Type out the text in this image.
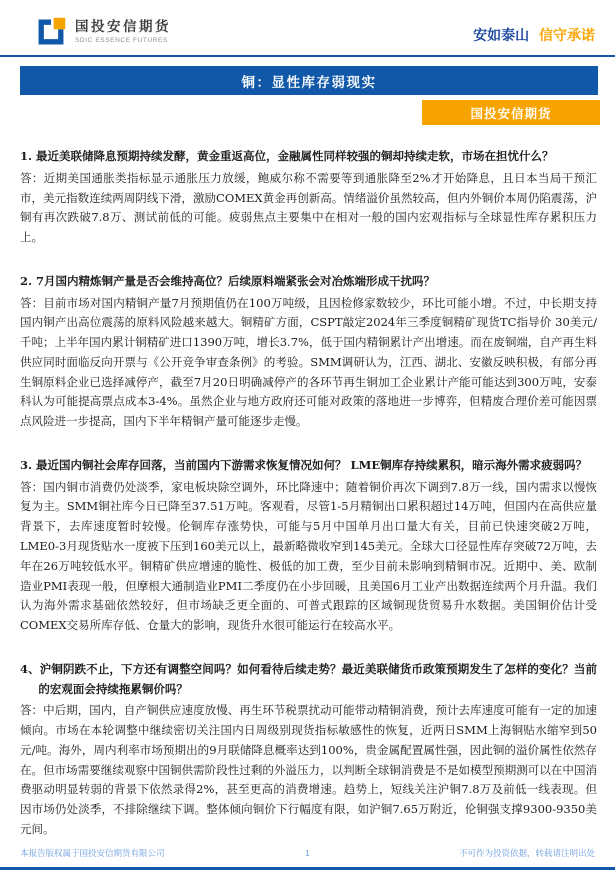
国投安信期货
SDIC ESSENCE FUTURES	安如泰山 信守承诺
铜：显性库存弱现实
国投安信期货

1. 最近美联储降息预期持续发酵，黄金重返高位，金融属性同样较强的铜却持续走软，市场在担忧什么？

答：近期美国通胀类指标显示通胀压力放缓，鲍威尔称不需要等到通胀降至2%才开始降息，且日本当局干预汇市，美元指数连续两周阴线下滑，激励COMEX黄金再创新高。情绪溢价虽然较高，但内外铜价本周仍陷震荡，沪铜有再次跌破7.8万、测试前低的可能。疲弱焦点主要集中在相对一般的国内宏观指标与全球显性库存累积压力上。

2. 7月国内精炼铜产量是否会维持高位？后续原料端紧张会对冶炼端形成干扰吗？

答：目前市场对国内精铜产量7月预期值仍在100万吨级，且因检修家数较少，环比可能小增。不过，中长期支持国内铜产出高位震荡的原料风险越来越大。铜精矿方面，CSPT敲定2024年三季度铜精矿现货TC指导价 30美元/千吨；上半年国内累计铜精矿进口1390万吨，增长3.7%，低于国内精铜累计产出增速。而在废铜端，自产再生料供应同时面临反向开票与《公开竞争审查条例》的考验。SMM调研认为，江西、湖北、安徽反映积极，有部分再生铜原料企业已选择减停产，截至7月20日明确减停产的各环节再生铜加工企业累计产能可能达到300万吨，安泰科认为可能提高票点成本3-4%。虽然企业与地方政府还可能对政策的落地进一步博弈，但精废合理价差可能因票点风险进一步提高，国内下半年精铜产量可能逐步走慢。

3. 最近国内铜社会库存回落，当前国内下游需求恢复情况如何？ LME铜库存持续累积，暗示海外需求疲弱吗？

答：国内铜市消费仍处淡季，家电板块除空调外，环比降速中；随着铜价再次下调到7.8万一线，国内需求以慢恢复为主。SMM铜社库今日已降至37.51万吨。客观看，尽管1-5月精铜出口累积超过14万吨，但国内在高供应量背景下，去库速度暂时较慢。伦铜库存涨势快，可能与5月中国单月出口量大有关，目前已快速突破2万吨，LME0-3月现货贴水一度被下压到160美元以上，最新略微收窄到145美元。全球大口径显性库存突破72万吨，去年在26万吨较低水平。铜精矿供应增速的脆性、极低的加工费，至少目前未影响到精铜市况。近期中、美、欧制造业PMI表现一般，但摩根大通制造业PMI二季度仍在小步回暖，且美国6月工业产出数据连续两个月升温。我们认为海外需求基础依然较好，但市场缺乏更全面的、可普式跟踪的区域铜现货贸易升水数据。美国铜价估计受COMEX交易所库存低、仓量大的影响，现货升水很可能运行在较高水平。

4、沪铜阴跌不止，下方还有调整空间吗？如何看待后续走势？最近美联储货币政策预期发生了怎样的变化？当前的宏观面会持续拖累铜价吗？

答：中后期，国内，自产铜供应速度放慢、再生环节税票扰动可能带动精铜消费，预计去库速度可能有一定的加速倾向。市场在本轮调整中继续密切关注国内日周级别现货指标敏感性的恢复，近两日SMM上海铜贴水缩窄到50元/吨。海外，周内利率市场预期出的9月联储降息概率达到100%，贵金属配置属性强，因此铜的溢价属性依然存在。但市场需要继续观察中国铜供需阶段性过剩的外溢压力，以判断全球铜消费是不是如模型预期测可以在中国消费驱动明显转弱的背景下依然录得2%，甚至更高的消费增速。趋势上，短线关注沪铜7.8万及前低一线表现。但因市场仍处淡季，不排除继续下调。整体倾向铜价下行幅度有限，如沪铜7.65万附近，伦铜强支撑9300-9350美元间。

本报告版权属于国投安信期货有限公司	1	不可作为投资依据，转载请注明出处
